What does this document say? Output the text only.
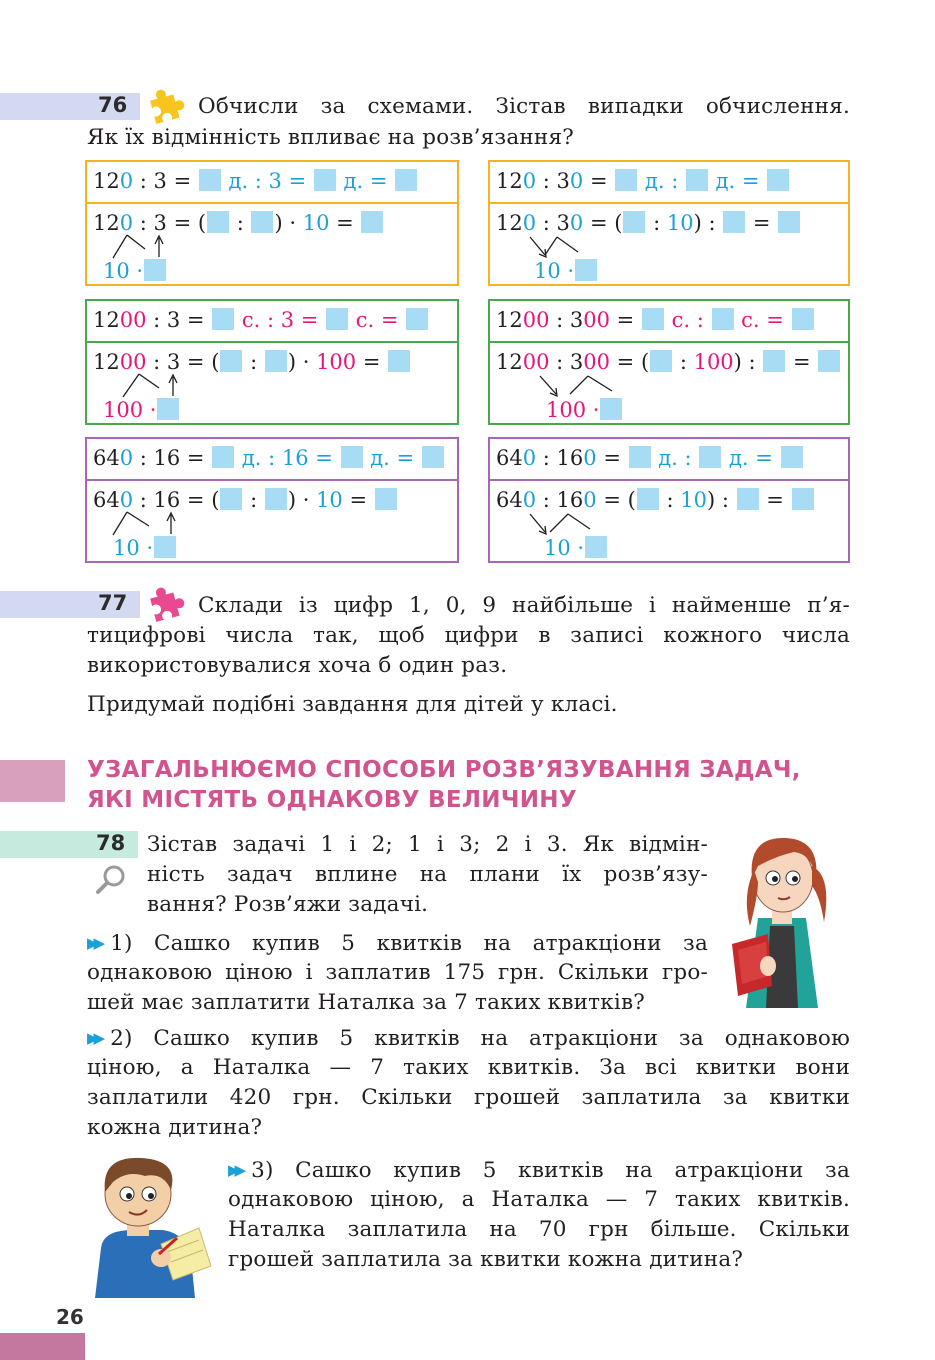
76	Обчисли за схемами. Зістав випадки обчислення.
Як їх відмінність впливає на розв’язання?
120 : 3 =  д. : 3 =  д. =
120 : 3 = ( : ) · 10 =
10 ·
120 : 30 =  д. :  д. =
120 : 30 = ( : 10) :  =
10 ·
1200 : 3 =  с. : 3 =  с. =
1200 : 3 = ( : ) · 100 =
100 ·
1200 : 300 =  с. :  с. =
1200 : 300 = ( : 100) :  =
100 ·
640 : 16 =  д. : 16 =  д. =
640 : 16 = ( : ) · 10 =
10 ·
640 : 160 =  д. :  д. =
640 : 160 = ( : 10) :  =
10 ·
77	Склади із цифр 1, 0, 9 найбільше і найменше п’я-
тицифрові числа так, щоб цифри в записі кожного числа
використовувалися хоча б один раз.
Придумай подібні завдання для дітей у класі.
УЗАГАЛЬНЮЄМО СПОСОБИ РОЗВ’ЯЗУВАННЯ ЗАДАЧ,
ЯКІ МІСТЯТЬ ОДНАКОВУ ВЕЛИЧИНУ
78 Зістав задачі 1 і 2; 1 і 3; 2 і 3. Як відмін-
ність задач вплине на плани їх розв’язу-
вання? Розв’яжи задачі.
▶▶ 1) Сашко купив 5 квитків на атракціони за
однаковою ціною і заплатив 175 грн. Скільки гро-
шей має заплатити Наталка за 7 таких квитків?
▶▶ 2) Сашко купив 5 квитків на атракціони за однаковою
ціною, а Наталка — 7 таких квитків. За всі квитки вони
заплатили 420 грн. Скільки грошей заплатила за квитки
кожна дитина?
▶▶ 3) Сашко купив 5 квитків на атракціони за
однаковою ціною, а Наталка — 7 таких квитків.
Наталка заплатила на 70 грн більше. Скільки
грошей заплатила за квитки кожна дитина?
26
